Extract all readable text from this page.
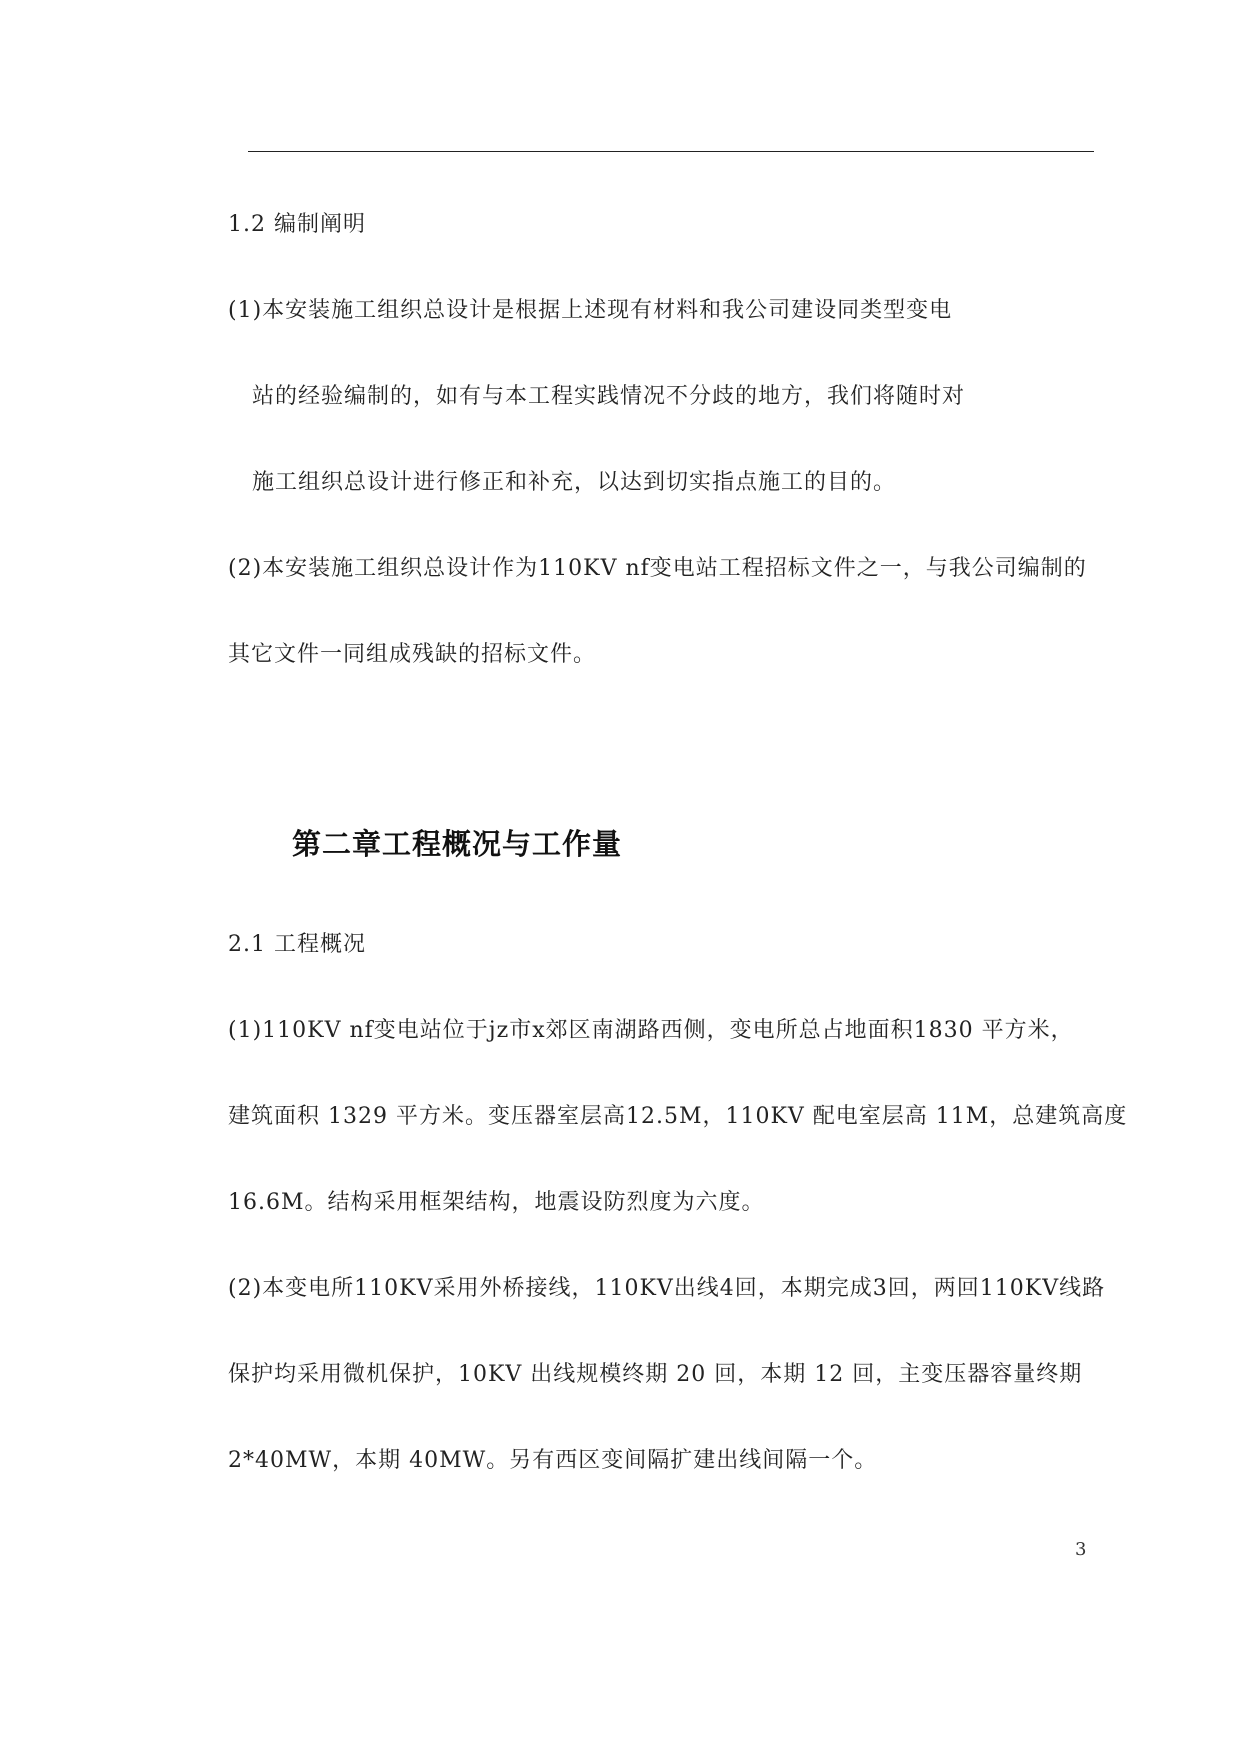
1.2 编制阐明
(1)本安装施工组织总设计是根据上述现有材料和我公司建设同类型变电
站的经验编制的，如有与本工程实践情况不分歧的地方，我们将随时对
施工组织总设计进行修正和补充，以达到切实指点施工的目的。
(2)本安装施工组织总设计作为110KV nf变电站工程招标文件之一，与我公司编制的
其它文件一同组成残缺的招标文件。
第二章工程概况与工作量
2.1 工程概况
(1)110KV nf变电站位于jz市x郊区南湖路西侧，变电所总占地面积1830 平方米，
建筑面积 1329 平方米。变压器室层高12.5M，110KV 配电室层高 11M，总建筑高度
16.6M。结构采用框架结构，地震设防烈度为六度。
(2)本变电所110KV采用外桥接线，110KV出线4回，本期完成3回，两回110KV线路
保护均采用微机保护，10KV 出线规模终期 20 回，本期 12 回，主变压器容量终期
2*40MW，本期 40MW。另有西区变间隔扩建出线间隔一个。
3
